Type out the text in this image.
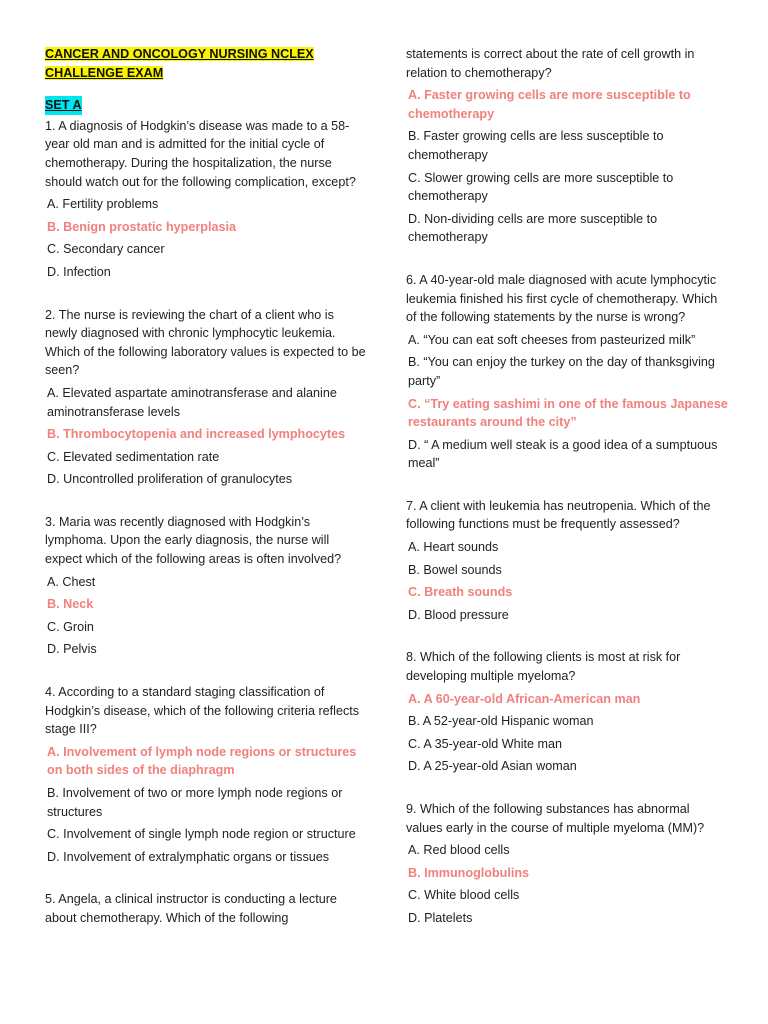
CANCER AND ONCOLOGY NURSING NCLEX

CHALLENGE EXAM

SET A

1. A diagnosis of Hodgkin’s disease was made to a 58- year old man and is admitted for the initial cycle of chemotherapy. During the hospitalization, the nurse should watch out for the following complication, except?

A. Fertility problems

B. Benign prostatic hyperplasia

C. Secondary cancer

D. Infection

2. The nurse is reviewing the chart of a client who is newly diagnosed with chronic lymphocytic leukemia. Which of the following laboratory values is expected to be seen?

A. Elevated aspartate aminotransferase and alanine aminotransferase levels

B. Thrombocytopenia and increased lymphocytes

C. Elevated sedimentation rate

D. Uncontrolled proliferation of granulocytes

3. Maria was recently diagnosed with Hodgkin’s lymphoma. Upon the early diagnosis, the nurse will expect which of the following areas is often involved?

A. Chest

B. Neck

C. Groin

D. Pelvis

4. According to a standard staging classification of Hodgkin’s disease, which of the following criteria reflects stage III?

A. Involvement of lymph node regions or structures on both sides of the diaphragm

B. Involvement of two or more lymph node regions or structures

C. Involvement of single lymph node region or structure

D. Involvement of extralymphatic organs or tissues

5. Angela, a clinical instructor is conducting a lecture about chemotherapy. Which of the following

statements is correct about the rate of cell growth in relation to chemotherapy?

A. Faster growing cells are more susceptible to chemotherapy

B. Faster growing cells are less susceptible to chemotherapy

C. Slower growing cells are more susceptible to chemotherapy

D. Non-dividing cells are more susceptible to chemotherapy

6. A 40-year-old male diagnosed with acute lymphocytic leukemia finished his first cycle of chemotherapy. Which of the following statements by the nurse is wrong?

A. “You can eat soft cheeses from pasteurized milk”

B. “You can enjoy the turkey on the day of thanksgiving party”

C. “Try eating sashimi in one of the famous Japanese restaurants around the city”

D. “ A medium well steak is a good idea of a sumptuous meal”

7. A client with leukemia has neutropenia. Which of the following functions must be frequently assessed?

A. Heart sounds

B. Bowel sounds

C. Breath sounds

D. Blood pressure

8. Which of the following clients is most at risk for developing multiple myeloma?

A. A 60-year-old African-American man

B. A 52-year-old Hispanic woman

C. A 35-year-old White man

D. A 25-year-old Asian woman

9. Which of the following substances has abnormal values early in the course of multiple myeloma (MM)?

A. Red blood cells

B. Immunoglobulins

C. White blood cells

D. Platelets
